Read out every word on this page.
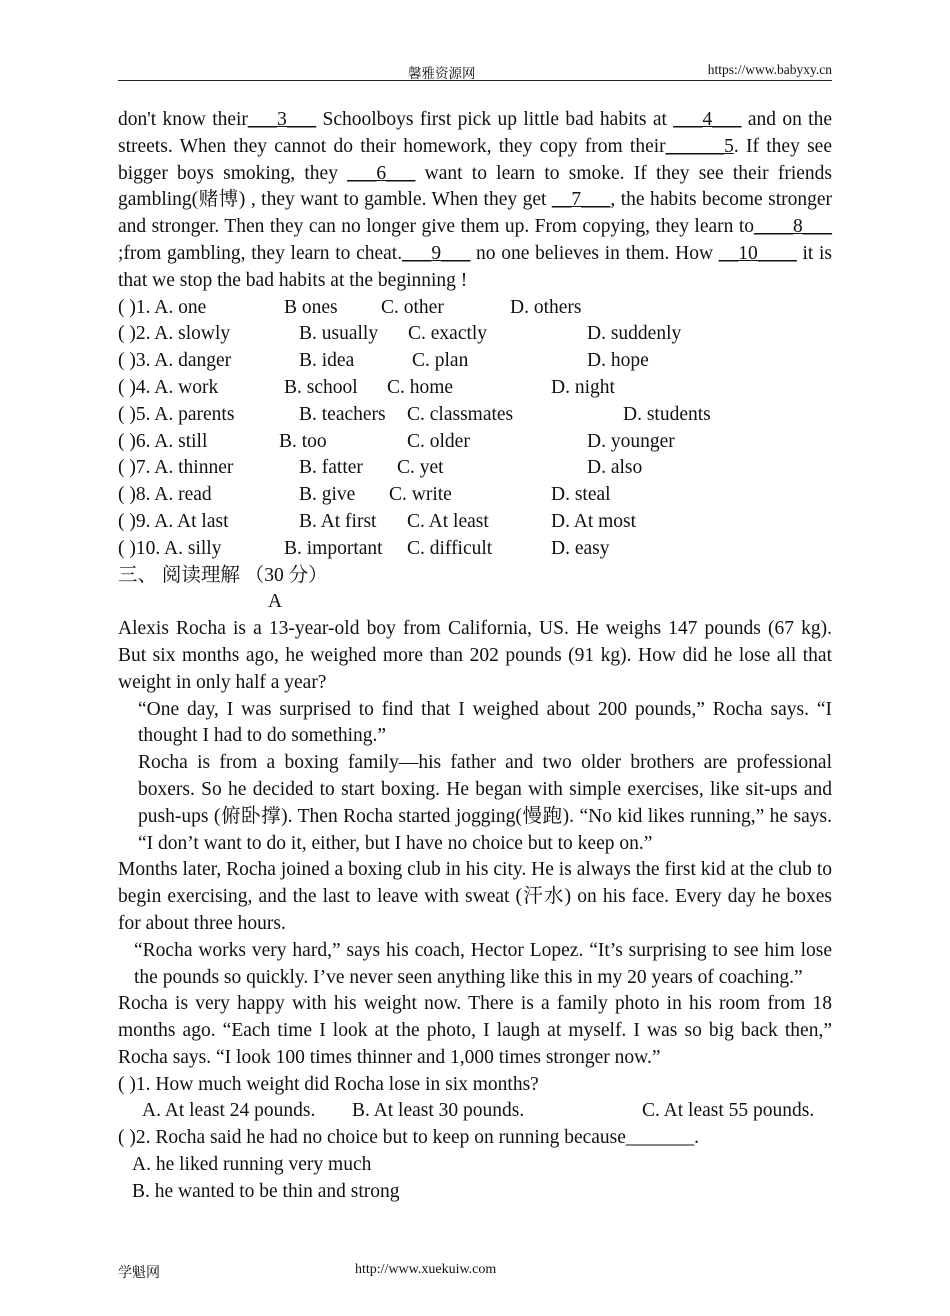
馨雅资源网	https://www.babyxy.cn

don't know their___3___ Schoolboys first pick up little bad habits at ___4___ and on the streets. When they cannot do their homework, they copy from their______5. If they see bigger boys smoking, they ___6___ want to learn to smoke. If they see their friends gambling(赌博) , they want to gamble. When they get __7___, the habits become stronger and stronger. Then they can no longer give them up. From copying, they learn to____8___ ;from gambling, they learn to cheat.___9___ no one believes in them. How __10____ it is that we stop the bad habits at the beginning !

( )1. A. one	B ones C. other	D. others
( )2. A. slowly	B. usually C. exactly	D. suddenly
( )3. A. danger	B. idea	C. plan	D. hope
( )4. A. work	B. school C. home	D. night
( )5. A. parents	B. teachers C. classmates	D. students
( )6. A. still	B. too	C. older	D. younger
( )7. A. thinner	B. fatter C. yet	D. also
( )8. A. read	B. give C. write	D. steal
( )9. A. At last	B. At first C. At least	D. At most
( )10. A. silly	B. important C. difficult	D. easy

三、 阅读理解 （30 分）

A

Alexis Rocha is a 13-year-old boy from California, US. He weighs 147 pounds (67 kg). But six months ago, he weighed more than 202 pounds (91 kg). How did he lose all that weight in only half a year?

“One day, I was surprised to find that I weighed about 200 pounds,” Rocha says. “I thought I had to do something.”

Rocha is from a boxing family—his father and two older brothers are professional boxers. So he decided to start boxing. He began with simple exercises, like sit-ups and push-ups (俯卧撑). Then Rocha started jogging(慢跑). “No kid likes running,” he says. “I don’t want to do it, either, but I have no choice but to keep on.”

Months later, Rocha joined a boxing club in his city. He is always the first kid at the club to begin exercising, and the last to leave with sweat (汗水) on his face. Every day he boxes for about three hours.

“Rocha works very hard,” says his coach, Hector Lopez. “It’s surprising to see him lose the pounds so quickly. I’ve never seen anything like this in my 20 years of coaching.”

Rocha is very happy with his weight now. There is a family photo in his room from 18 months ago. “Each time I look at the photo, I laugh at myself. I was so big back then,” Rocha says. “I look 100 times thinner and 1,000 times stronger now.”

( )1. How much weight did Rocha lose in six months?

A. At least 24 pounds. B. At least 30 pounds.	C. At least 55 pounds.

( )2. Rocha said he had no choice but to keep on running because_______.

A. he liked running very much

B. he wanted to be thin and strong

学魁网	http://www.xuekuiw.com
